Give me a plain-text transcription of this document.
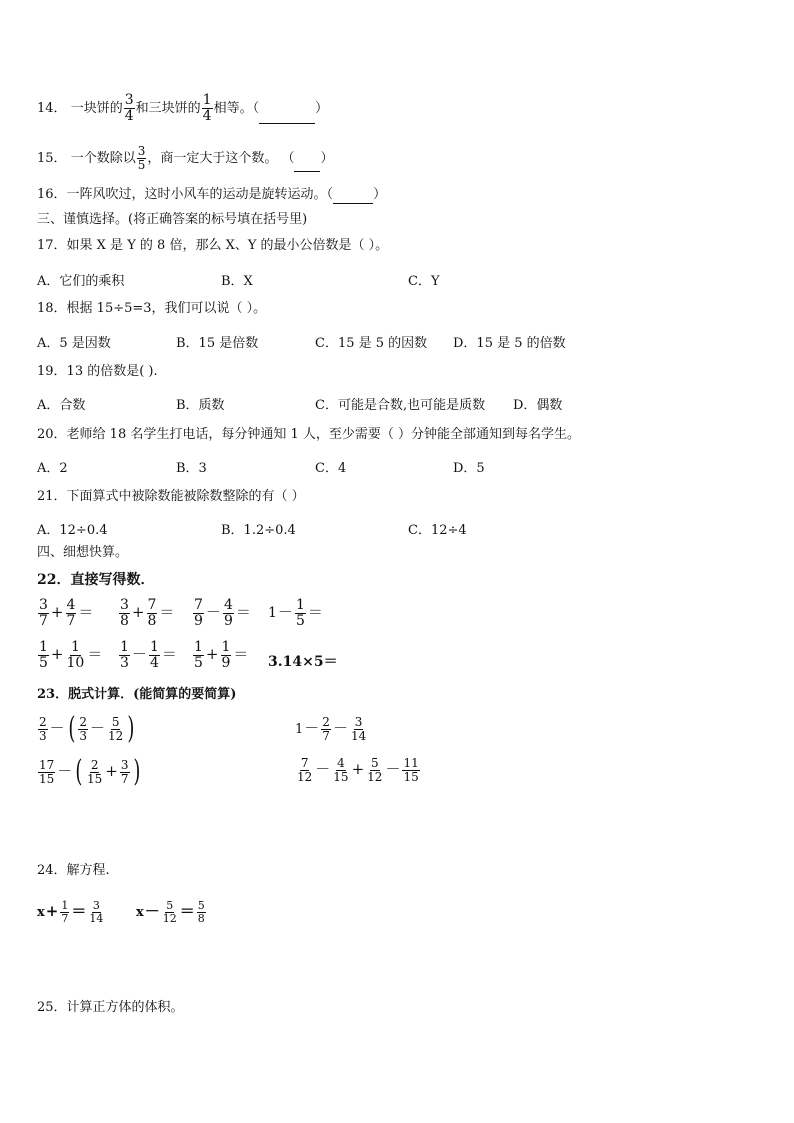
14． 一块饼的 $\frac{3}{4}$ 和三块饼的 $\frac{1}{4}$ 相等。（	）
15． 一个数除以 $\frac{3}{5}$ ，商一定大于这个数。 （ ）
16．一阵风吹过，这时小风车的运动是旋转运动。（	）
三、谨慎选择。(将正确答案的标号填在括号里)
17．如果 X 是 Y 的 8 倍，那么 X、Y 的最小公倍数是（ ）。
A．它们的乘积	B．X	C．Y
18．根据 15÷5=3，我们可以说（ ）。
A．5 是因数	B．15 是倍数	C．15 是 5 的因数 D．15 是 5 的倍数
19．13 的倍数是( ).
A．合数	B．质数	C．可能是合数,也可能是质数 D．偶数
20．老师给 18 名学生打电话，每分钟通知 1 人，至少需要（ ）分钟能全部通知到每名学生。
A．2	B．3	C．4	D．5
21．下面算式中被除数能被除数整除的有（ ）
A．12÷0.4	B．1.2÷0.4	C．12÷4
四、细想快算。
22．直接写得数．
$\frac{3}{7} + \frac{4}{7} = \frac{3}{8} + \frac{7}{8} = \frac{7}{9} - \frac{4}{9} = 1- \frac{1}{5}$ ＝
$\frac{1}{5} + \frac{1}{10} = \frac{1}{3} - \frac{1}{4} = \frac{1}{5} + \frac{1}{9} = 3.14\times 5=$
23．脱式计算．(能简算的要简算)
$\frac{2}{3}$ － ( $\frac{2}{3} - \frac{5}{12}$ )	$1- \frac{2}{7} - \frac{3}{14}$
$\frac{17}{15}$ － ( $\frac{2}{15} + \frac{3}{7}$ )	$\frac{7}{12} - \frac{4}{15} + \frac{5}{12} - \frac{11}{15}$
24．解方程.
$x+ \frac{1}{7} = \frac{3}{14} x- \frac{5}{12} = \frac{5}{8}$
25．计算正方体的体积。
